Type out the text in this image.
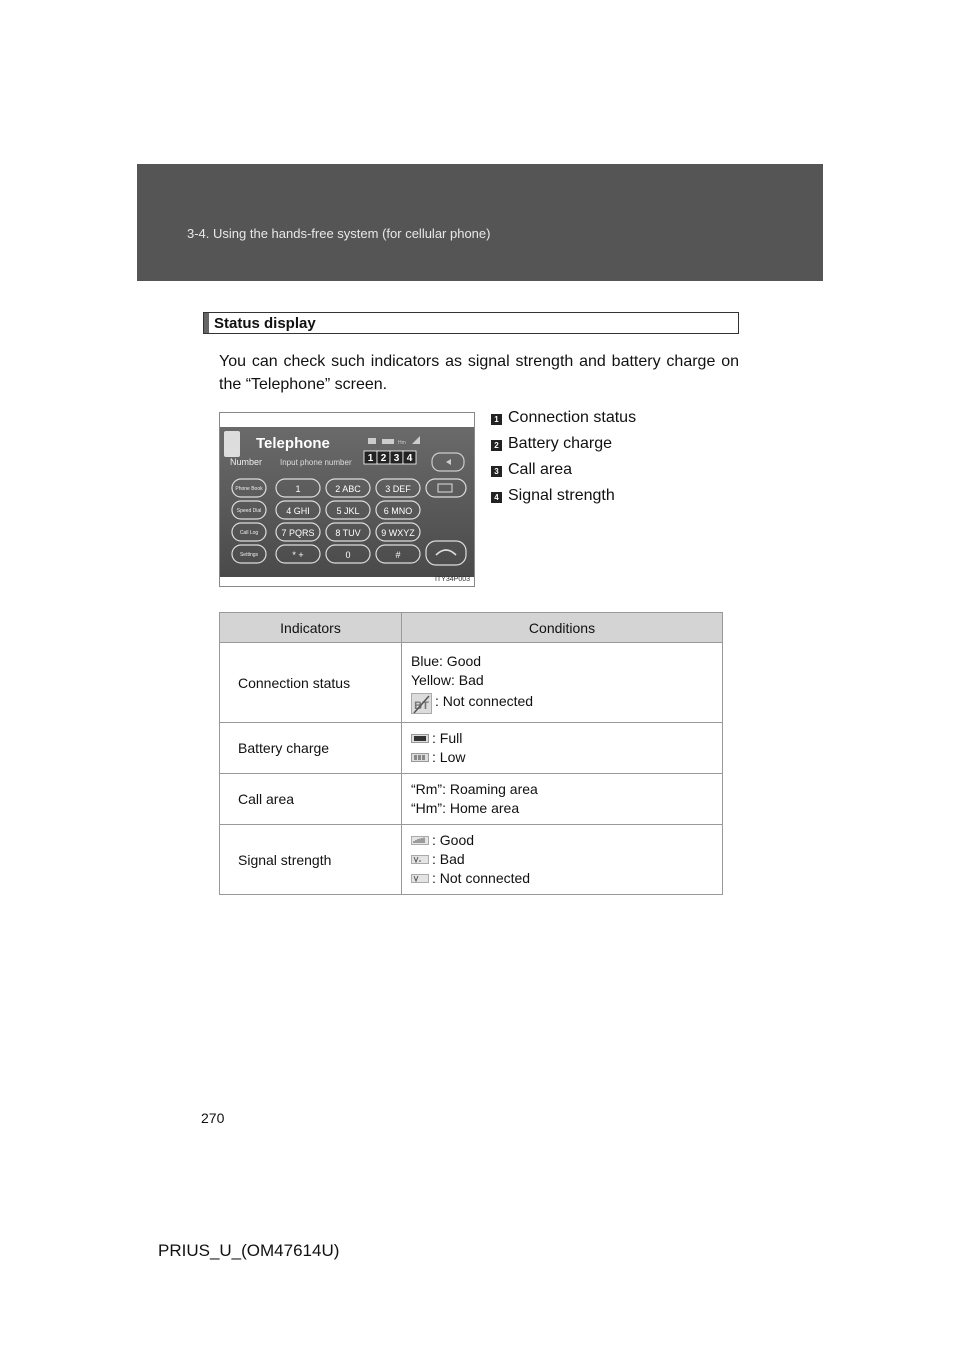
3-4. Using the hands-free system (for cellular phone)
Status display
You can check such indicators as signal strength and battery charge on the “Telephone” screen.
Telephone	Hm
Number Input phone number 1 2 3 4
Phone Book
Speed Dial
Call Log
Settings
1	2 ABC	3 DEF
4 GHI	5 JKL	6 MNO
7 PQRS 8 TUV 9 WXYZ
* +	0	#
ITY34P003
1 Connection status
2 Battery charge
3 Call area
4 Signal strength
Indicators	Conditions
Connection status	Blue: Good
Yellow: Bad
BT : Not connected

Battery charge	: Full
: Low

Call area	“Rm”: Roaming area
“Hm”: Home area

Signal strength	: Good
: Bad
: Not connected
270
PRIUS_U_(OM47614U)
